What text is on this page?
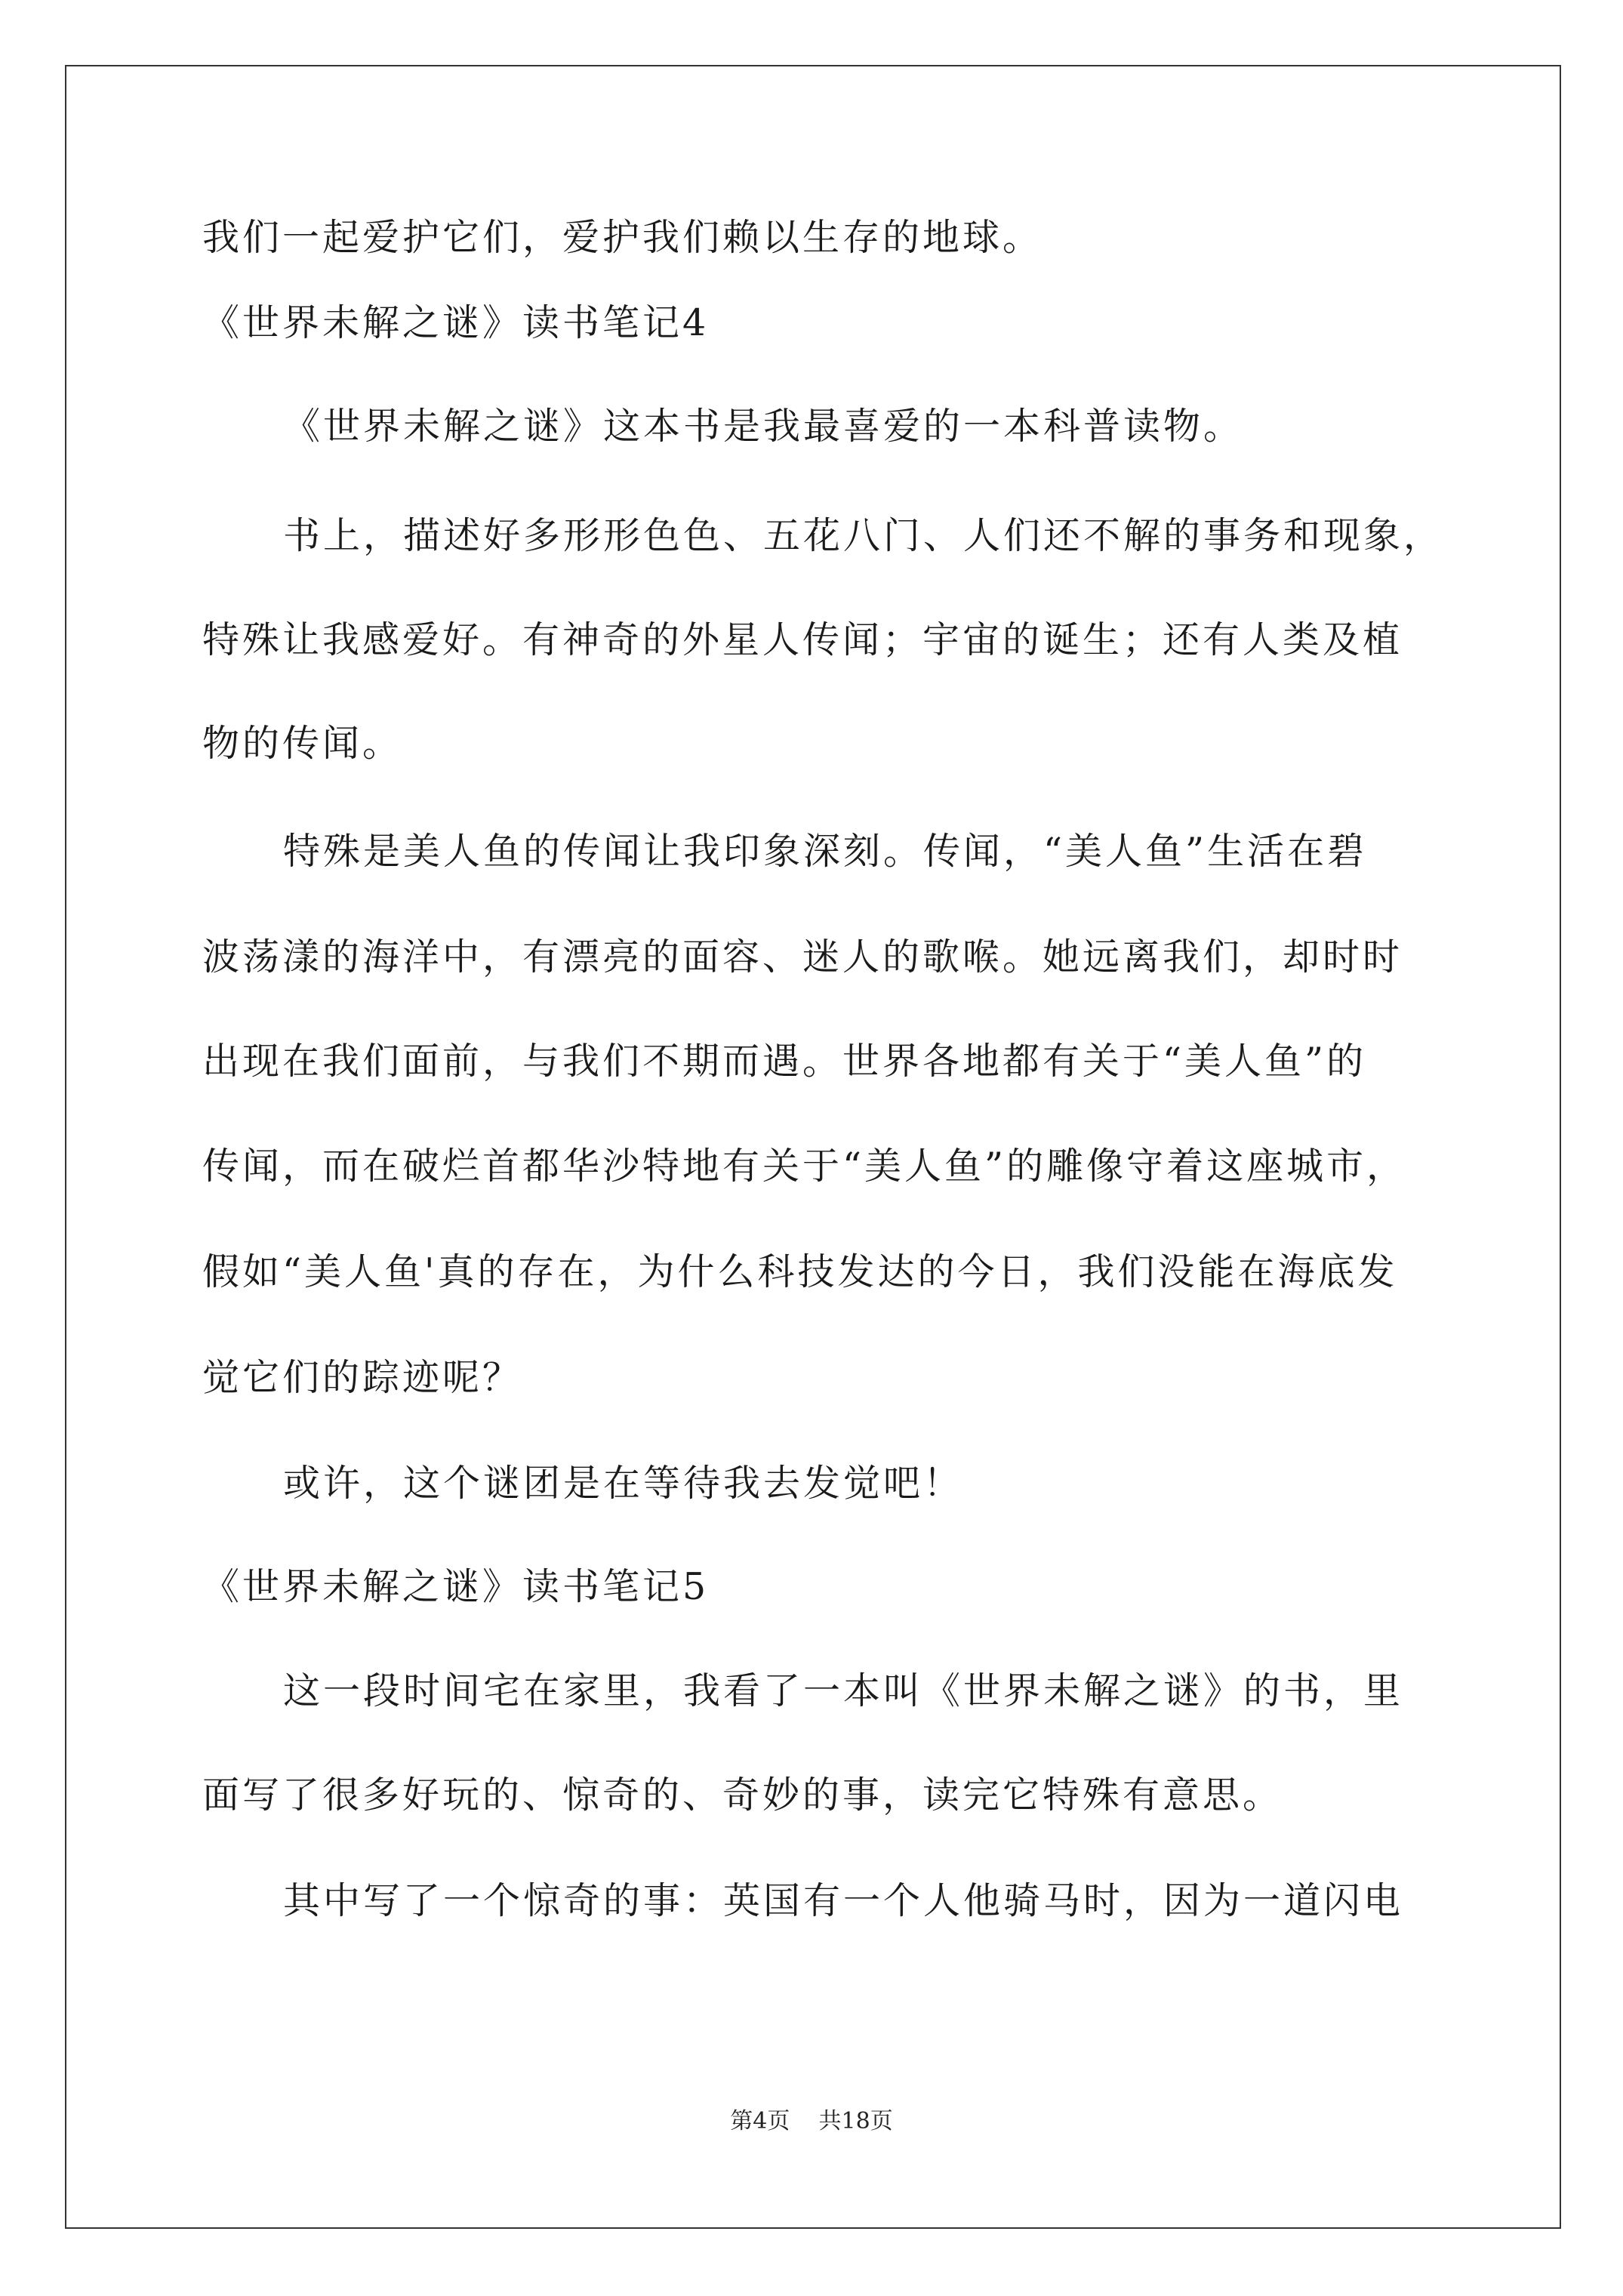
我们一起爱护它们，爱护我们赖以生存的地球。
《世界未解之谜》读书笔记4
《世界未解之谜》这本书是我最喜爱的一本科普读物。
书上，描述好多形形色色、五花八门、人们还不解的事务和现象，
特殊让我感爱好。有神奇的外星人传闻；宇宙的诞生；还有人类及植
物的传闻。
特殊是美人鱼的传闻让我印象深刻。传闻，“美人鱼”生活在碧
波荡漾的海洋中，有漂亮的面容、迷人的歌喉。她远离我们，却时时
出现在我们面前，与我们不期而遇。世界各地都有关于“美人鱼”的
传闻，而在破烂首都华沙特地有关于“美人鱼”的雕像守着这座城市，
假如“美人鱼'真的存在，为什么科技发达的今日，我们没能在海底发
觉它们的踪迹呢？
或许，这个谜团是在等待我去发觉吧！
《世界未解之谜》读书笔记5
这一段时间宅在家里，我看了一本叫《世界未解之谜》的书，里
面写了很多好玩的、惊奇的、奇妙的事，读完它特殊有意思。
其中写了一个惊奇的事：英国有一个人他骑马时，因为一道闪电
第4页    共18页
